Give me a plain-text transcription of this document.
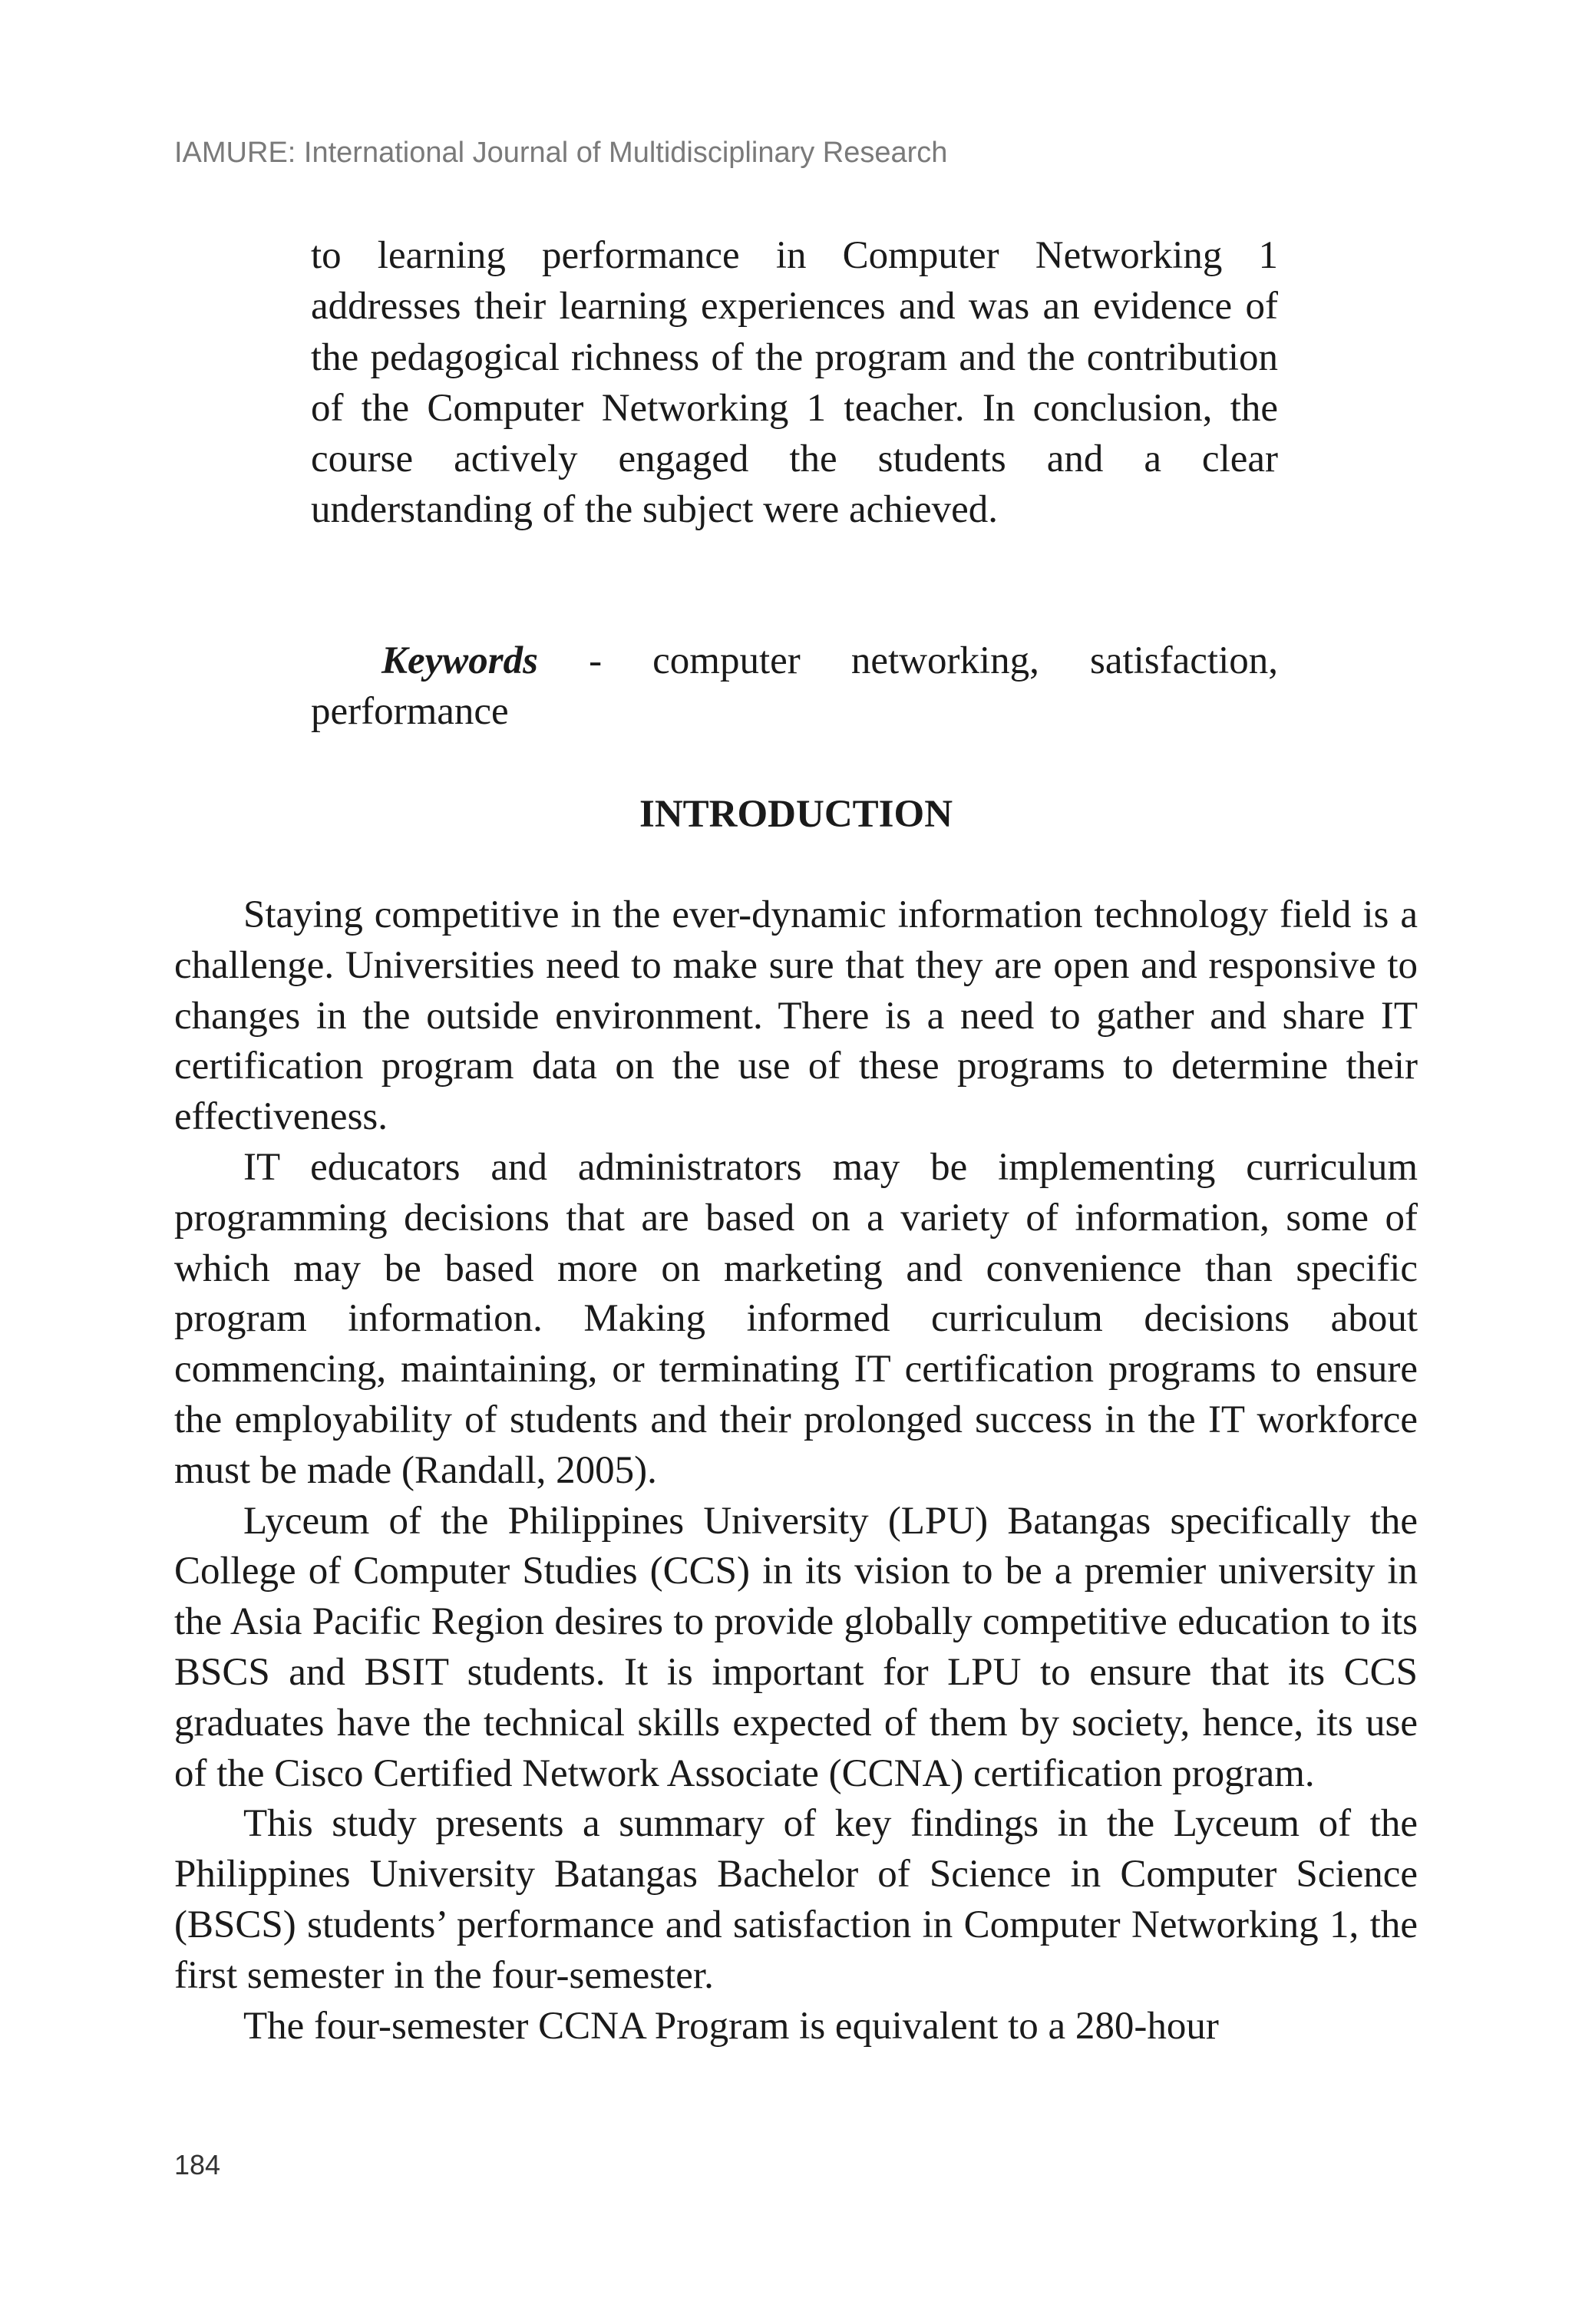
IAMURE: International Journal of Multidisciplinary Research

to learning performance in Computer Networking 1 addresses their learning experiences and was an evidence of the pedagogical richness of the program and the contribution of the Computer Networking 1 teacher. In conclusion, the course actively engaged the students and a clear understanding of the subject were achieved.

Keywords - computer networking, satisfaction, performance

INTRODUCTION

Staying competitive in the ever-dynamic information technology field is a challenge. Universities need to make sure that they are open and responsive to changes in the outside environment. There is a need to gather and share IT certification program data on the use of these programs to determine their effectiveness.

IT educators and administrators may be implementing curriculum programming decisions that are based on a variety of information, some of which may be based more on marketing and convenience than specific program information. Making informed curriculum decisions about commencing, maintaining, or terminating IT certification programs to ensure the employability of students and their prolonged success in the IT workforce must be made (Randall, 2005).

Lyceum of the Philippines University (LPU) Batangas specifically the College of Computer Studies (CCS) in its vision to be a premier university in the Asia Pacific Region desires to provide globally competitive education to its BSCS and BSIT students. It is important for LPU to ensure that its CCS graduates have the technical skills expected of them by society, hence, its use of the Cisco Certified Network Associate (CCNA) certification program.

This study presents a summary of key findings in the Lyceum of the Philippines University Batangas Bachelor of Science in Computer Science (BSCS) students’ performance and satisfaction in Computer Networking 1, the first semester in the four-semester.

The four-semester CCNA Program is equivalent to a 280-hour

184
